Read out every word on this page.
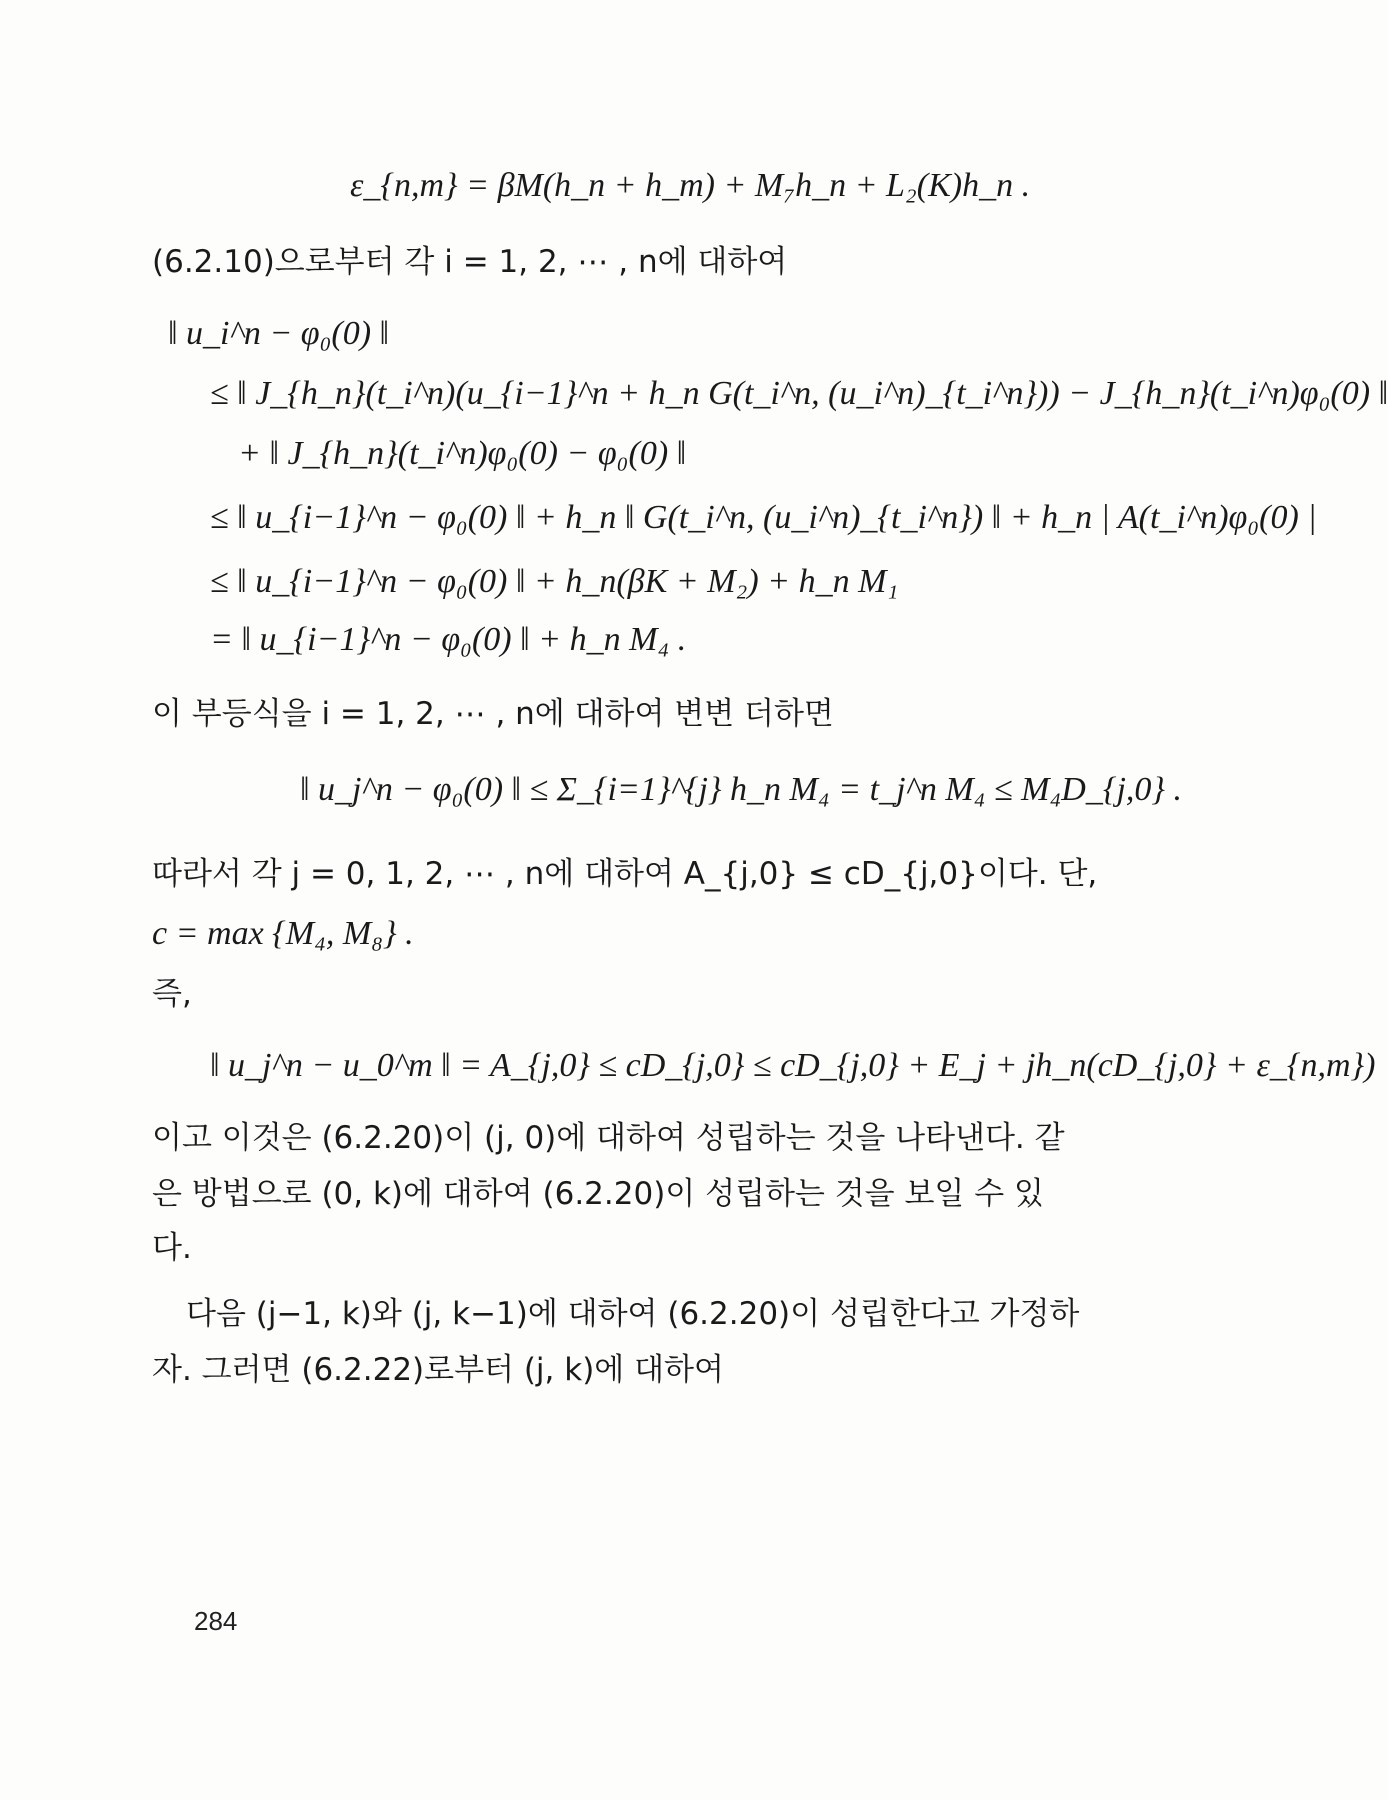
ε_{n,m} = βM(h_n + h_m) + M₇h_n + L₂(K)h_n .
(6.2.10)으로부터 각 i = 1, 2, ⋯ , n에 대하여
‖ u_i^n − φ₀(0) ‖
≤ ‖ J_{h_n}(t_i^n)(u_{i−1}^n + h_n G(t_i^n, (u_i^n)_{t_i^n})) − J_{h_n}(t_i^n)φ₀(0) ‖
+ ‖ J_{h_n}(t_i^n)φ₀(0) − φ₀(0) ‖
≤ ‖ u_{i−1}^n − φ₀(0) ‖ + h_n ‖ G(t_i^n, (u_i^n)_{t_i^n}) ‖ + h_n | A(t_i^n)φ₀(0) |
≤ ‖ u_{i−1}^n − φ₀(0) ‖ + h_n(βK + M₂) + h_n M₁
= ‖ u_{i−1}^n − φ₀(0) ‖ + h_n M₄ .
이 부등식을 i = 1, 2, ⋯ , n에 대하여 변변 더하면
‖ u_j^n − φ₀(0) ‖ ≤ Σ_{i=1}^{j} h_n M₄ = t_j^n M₄ ≤ M₄D_{j,0} .
따라서 각 j = 0, 1, 2, ⋯ , n에 대하여 A_{j,0} ≤ cD_{j,0}이다. 단,
c = max {M₄, M₈} .
즉,
‖ u_j^n − u_0^m ‖ = A_{j,0} ≤ cD_{j,0} ≤ cD_{j,0} + E_j + jh_n(cD_{j,0} + ε_{n,m})
이고 이것은 (6.2.20)이 (j, 0)에 대하여 성립하는 것을 나타낸다. 같
은 방법으로 (0, k)에 대하여 (6.2.20)이 성립하는 것을 보일 수 있
다.
다음 (j−1, k)와 (j, k−1)에 대하여 (6.2.20)이 성립한다고 가정하
자. 그러면 (6.2.22)로부터 (j, k)에 대하여
284
